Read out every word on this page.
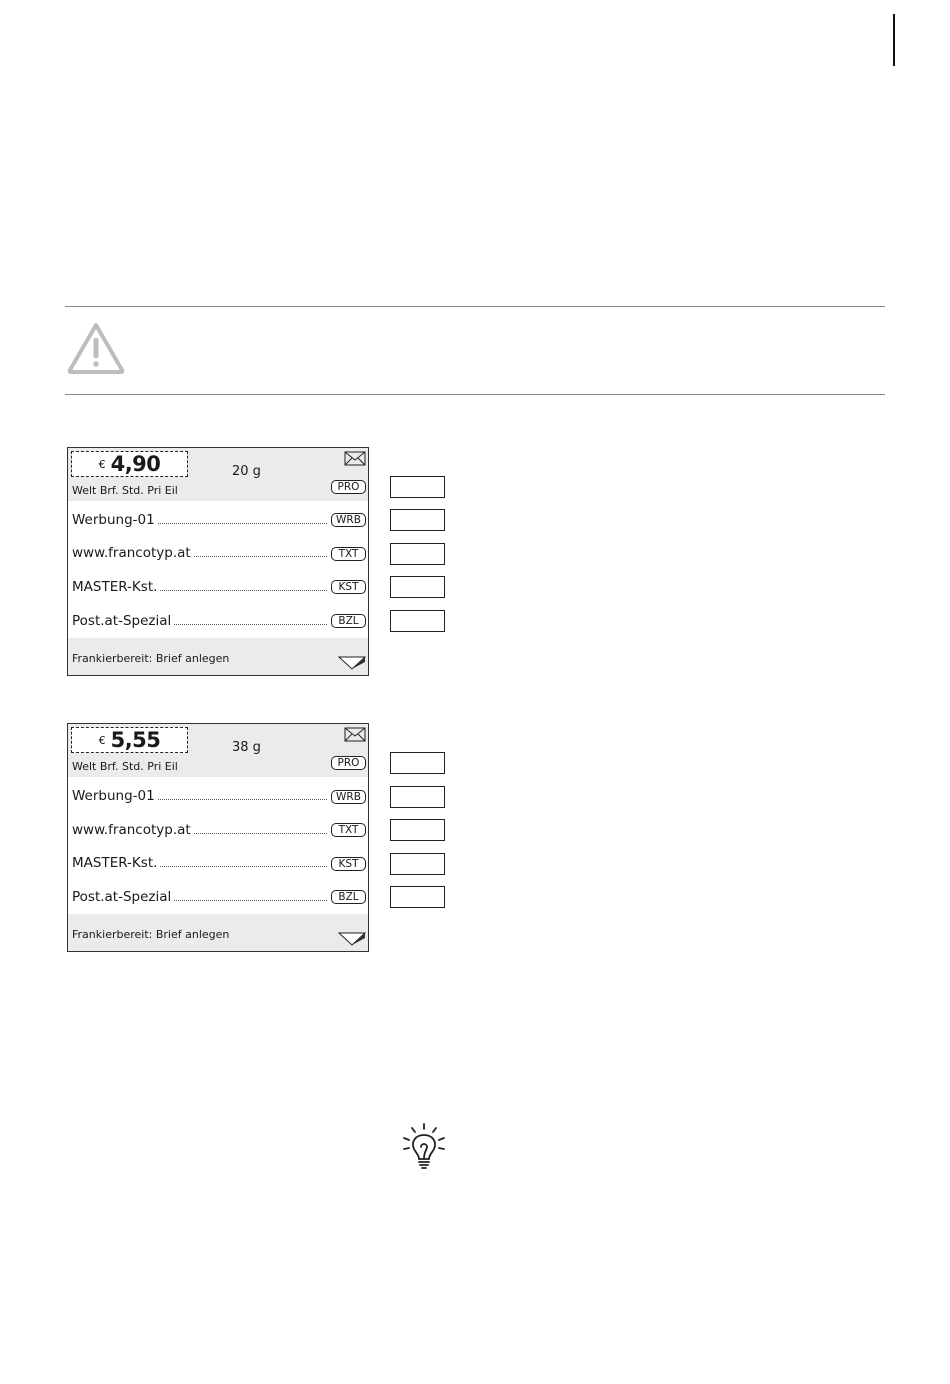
€ 4,90	20 g
Welt Brf. Std. Pri Eil	PRO
Werbung-01	WRB
www.francotyp.at	TXT
MASTER-Kst.	KST
Post.at-Spezial	BZL
Frankierbereit: Brief anlegen
€ 5,55	38 g
Welt Brf. Std. Pri Eil	PRO
Werbung-01	WRB
www.francotyp.at	TXT
MASTER-Kst.	KST
Post.at-Spezial	BZL
Frankierbereit: Brief anlegen
